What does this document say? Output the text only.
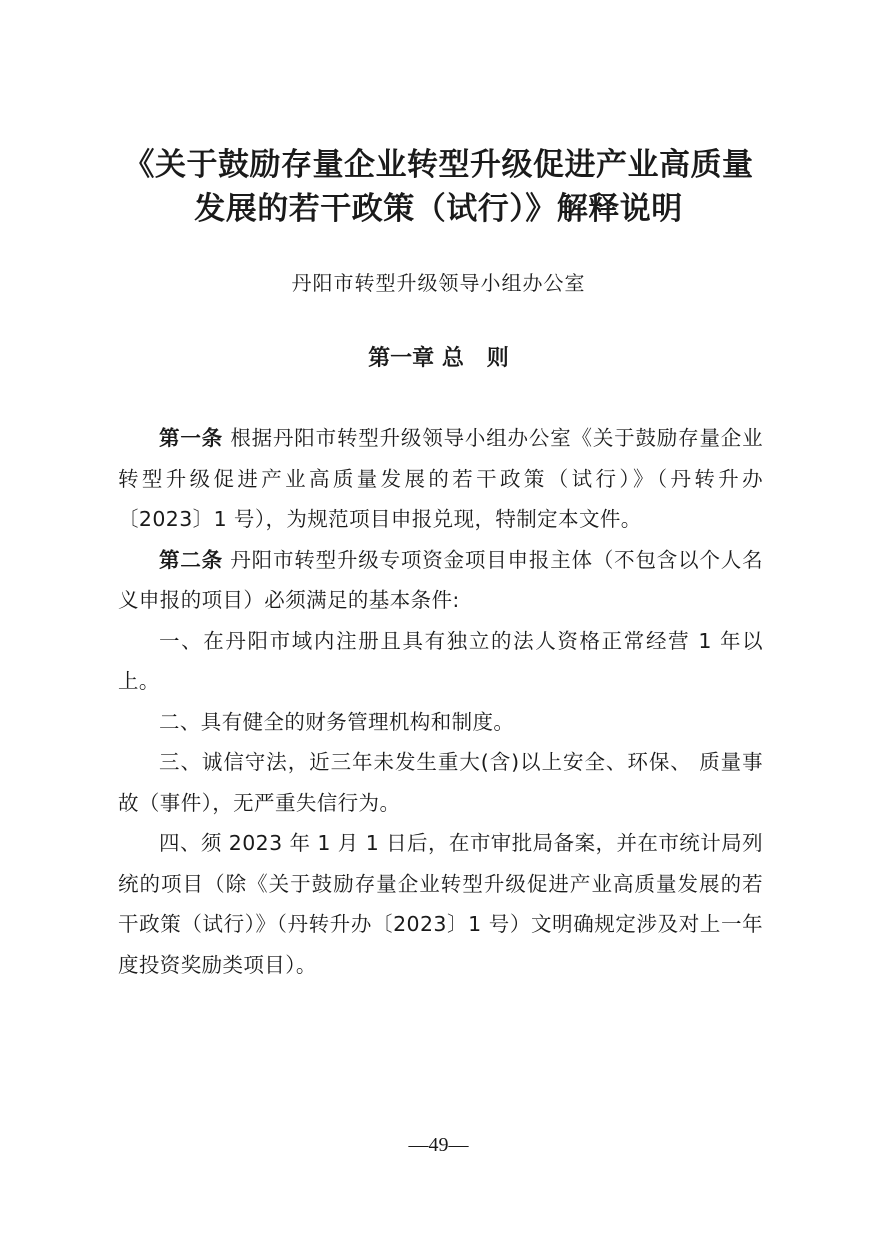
《关于鼓励存量企业转型升级促进产业高质量
发展的若干政策（试行）》解释说明
丹阳市转型升级领导小组办公室
第一章 总   则

第一条 根据丹阳市转型升级领导小组办公室《关于鼓励存量企业转型升级促进产业高质量发展的若干政策（试行）》（丹转升办〔2023〕1 号），为规范项目申报兑现，特制定本文件。

第二条 丹阳市转型升级专项资金项目申报主体（不包含以个人名义申报的项目）必须满足的基本条件:

一、在丹阳市域内注册且具有独立的法人资格正常经营 1 年以上。

二、具有健全的财务管理机构和制度。

三、诚信守法，近三年未发生重大(含)以上安全、环保、 质量事故（事件），无严重失信行为。

四、须 2023 年 1 月 1 日后，在市审批局备案，并在市统计局列统的项目（除《关于鼓励存量企业转型升级促进产业高质量发展的若干政策（试行）》（丹转升办〔2023〕1 号）文明确规定涉及对上一年度投资奖励类项目）。

—49—
